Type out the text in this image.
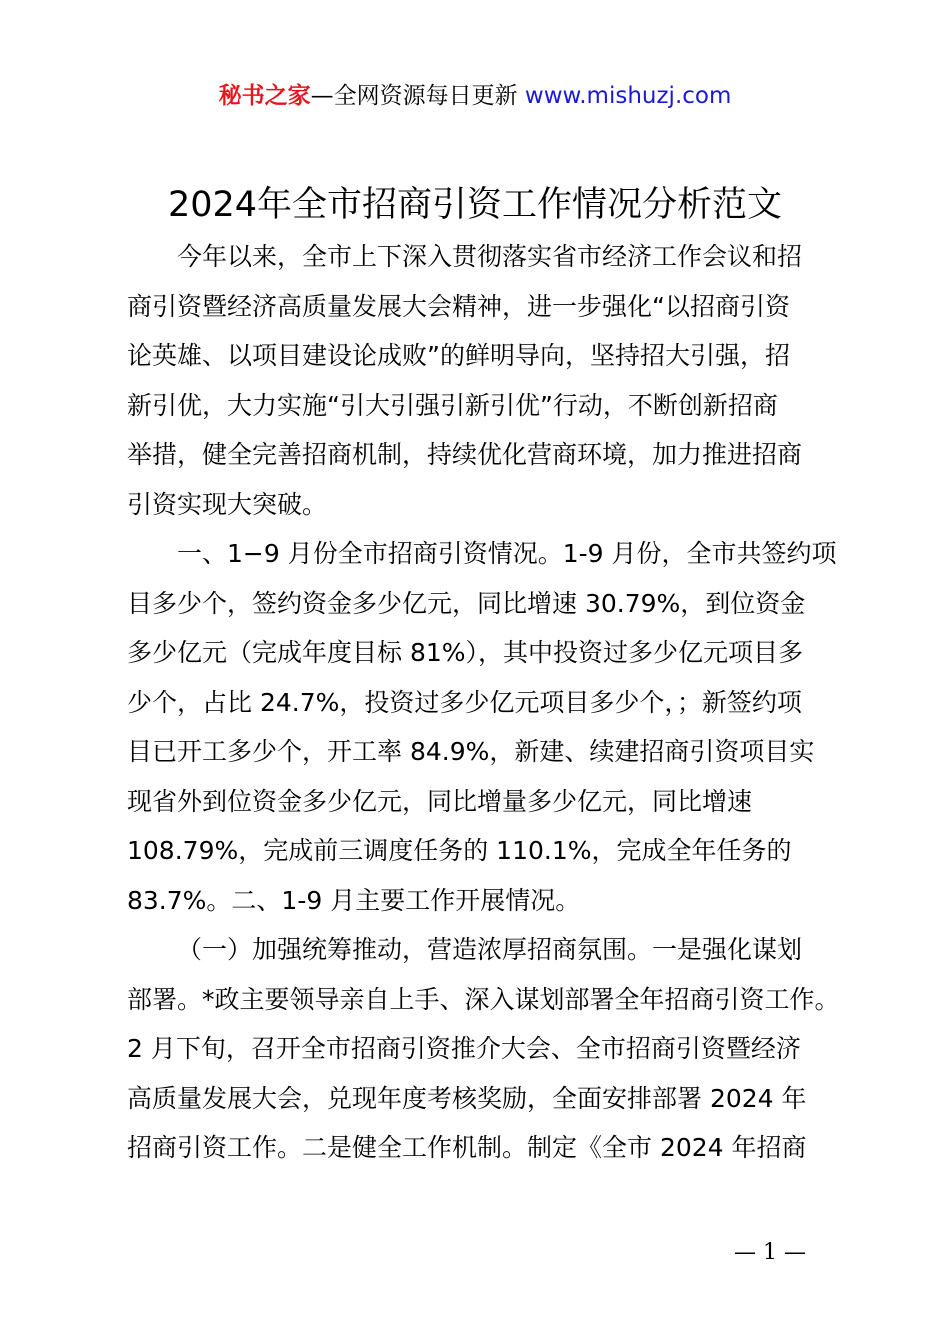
秘书之家—全网资源每日更新 www.mishuzj.com
2024年全市招商引资工作情况分析范文
今年以来，全市上下深入贯彻落实省市经济工作会议和招
商引资暨经济高质量发展大会精神，进一步强化“以招商引资
论英雄、以项目建设论成败”的鲜明导向，坚持招大引强，招
新引优，大力实施“引大引强引新引优”行动，不断创新招商
举措，健全完善招商机制，持续优化营商环境，加力推进招商
引资实现大突破。
一、1−9 月份全市招商引资情况。1-9 月份，全市共签约项
目多少个，签约资金多少亿元，同比增速 30.79%，到位资金
多少亿元（完成年度目标 81%），其中投资过多少亿元项目多
少个，占比 24.7%，投资过多少亿元项目多少个，；新签约项
目已开工多少个，开工率 84.9%，新建、续建招商引资项目实
现省外到位资金多少亿元，同比增量多少亿元，同比增速
108.79%，完成前三调度任务的 110.1%，完成全年任务的
83.7%。二、1-9 月主要工作开展情况。
（一）加强统筹推动，营造浓厚招商氛围。一是强化谋划
部署。*政主要领导亲自上手、深入谋划部署全年招商引资工作。
2 月下旬，召开全市招商引资推介大会、全市招商引资暨经济
高质量发展大会，兑现年度考核奖励，全面安排部署 2024 年
招商引资工作。二是健全工作机制。制定《全市 2024 年招商
— 1 —
